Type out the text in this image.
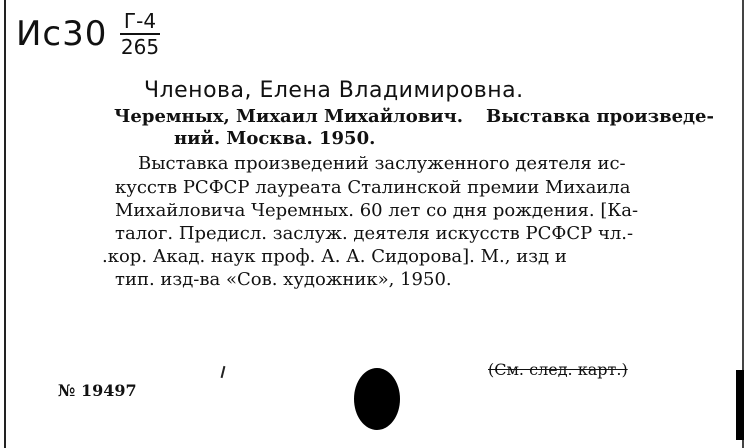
Ис30 Г-4
265
Членова, Елена Владимировна.
Черемных, Михаил Михайлович. Выставка произведе-
ний. Москва. 1950.
Выставка произведений заслуженного деятеля ис-
кусств РСФСР лауреата Сталинской премии Михаила
Михайловича Черемных. 60 лет со дня рождения. [Ка-
талог. Предисл. заслуж. деятеля искусств РСФСР чл.-
.кор. Акад. наук проф. А. А. Сидорова]. М., изд и
тип. изд-ва «Сов. художник», 1950.
№ 19497
(См. след. карт.)
